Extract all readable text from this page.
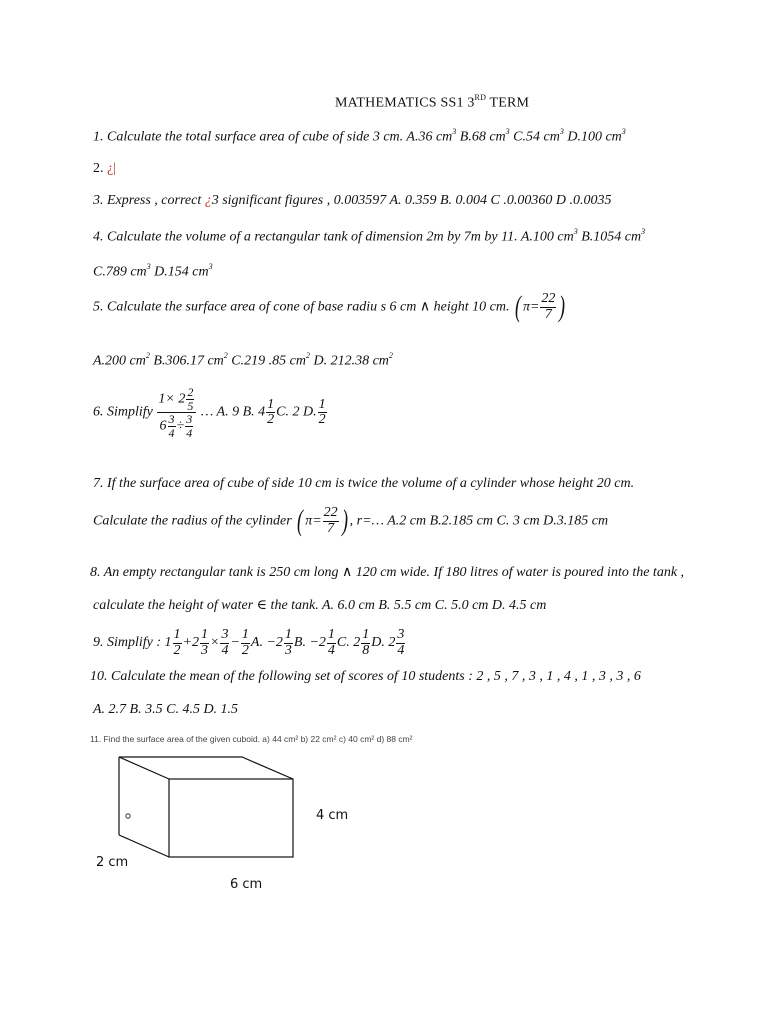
MATHEMATICS SS1 3RD TERM
1. Calculate the total surface area of cube of side 3 cm. A.36 $cm^3$ B.68 $cm^3$ C.54 $cm^3$ D.100 $cm^3$
2. ¿|
3. Express , correct ¿3 significant figures , 0.003597 A. 0.359 B. 0.004 C .0.00360 D .0.0035
4. Calculate the volume of a rectangular tank of dimension 2m by 7m by 11. A.100 $cm^3$ B.1054 $cm^3$
C.789 $cm^3$ D.154 $cm^3$
5. Calculate the surface area of cone of base radiu s 6 cm ∧ height 10 cm. ( $\pi= \frac{22}{7}$ )
A.200 $cm^2$ B.306.17 $cm^2$ C.219 .85 $cm^2$ D. 212.38 $cm^2$
6. Simplify $\frac{1\times 2 \frac{2}{5}}{6 \frac{3}{4} \div \frac{3}{4}}$ … A. 9 B. $4 \frac{1}{2} C$. 2 D. $\frac{1}{2}$
7. If the surface area of cube of side 10 cm is twice the volume of a cylinder whose height 20 cm.
Calculate the radius of the cylinder ( $\pi= \frac{22}{7}$ ) , r=… A.2 cm B.2.185 cm C. 3 cm D.3.185 cm
8. An empty rectangular tank is 250 cm long ∧ 120 cm wide. If 180 litres of water is poured into the tank ,
calculate the height of water ∈ the tank. A. 6.0 cm B. 5.5 cm C. 5.0 cm D. 4.5 cm
9. Simplify : $1 \frac{1}{2} +2 \frac{1}{3} \times \frac{3}{4} - \frac{1}{2} A$. $-2 \frac{1}{3} B$. $-2 \frac{1}{4} C$. $2 \frac{1}{8} D$. $2 \frac{3}{4}$
10. Calculate the mean of the following set of scores of 10 students : 2 , 5 , 7 , 3 , 1 , 4 , 1 , 3 , 3 , 6
A. 2.7 B. 3.5 C. 4.5 D. 1.5
11. Find the surface area of the given cuboid. a) 44 cm² b) 22 cm² c) 40 cm² d) 88 cm²
4 cm
2 cm
6 cm
